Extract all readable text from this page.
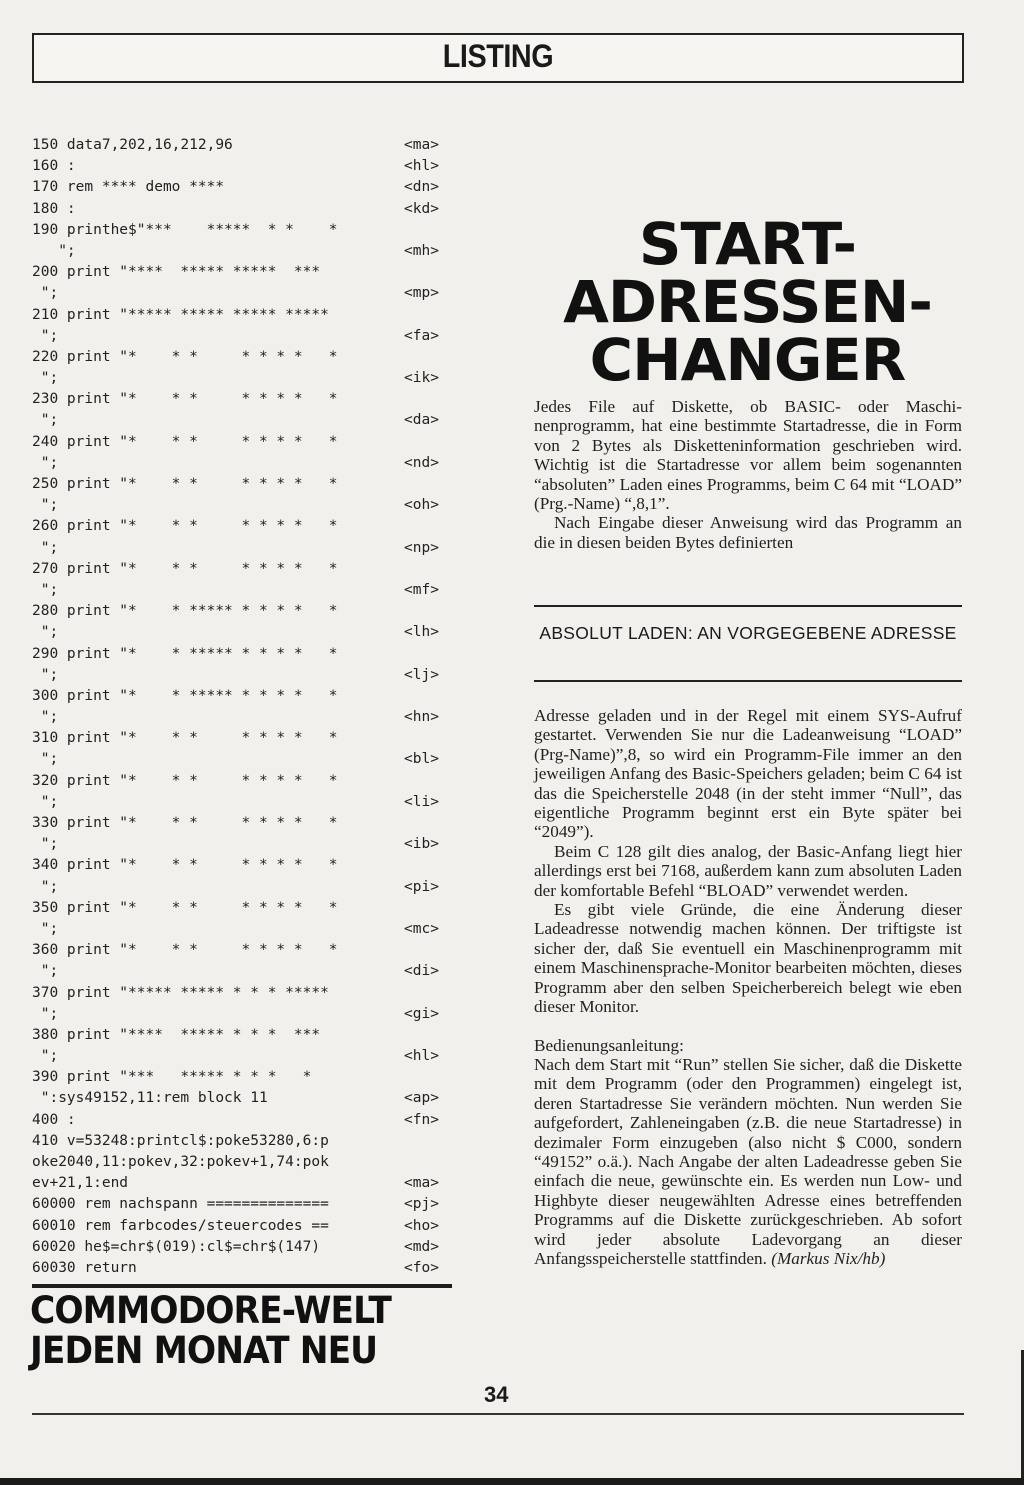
LISTING
150 data7,202,16,212,96	<ma>
160 :	<hl>
170 rem **** demo ****	<dn>
180 :	<kd>
190 printhe$"***    *****  * *    *
";	<mh>
200 print "****  ***** *****  ***
";	<mp>
210 print "***** ***** ***** *****
";	<fa>
220 print "*    * *     * * * *   *
";	<ik>
230 print "*    * *     * * * *   *
";	<da>
240 print "*    * *     * * * *   *
";	<nd>
250 print "*    * *     * * * *   *
";	<oh>
260 print "*    * *     * * * *   *
";	<np>
270 print "*    * *     * * * *   *
";	<mf>
280 print "*    * ***** * * * *   *
";	<lh>
290 print "*    * ***** * * * *   *
";	<lj>
300 print "*    * ***** * * * *   *
";	<hn>
310 print "*    * *     * * * *   *
";	<bl>
320 print "*    * *     * * * *   *
";	<li>
330 print "*    * *     * * * *   *
";	<ib>
340 print "*    * *     * * * *   *
";	<pi>
350 print "*    * *     * * * *   *
";	<mc>
360 print "*    * *     * * * *   *
";	<di>
370 print "***** ***** * * * *****
";	<gi>
380 print "****  ***** * * *  ***
";	<hl>
390 print "***   ***** * * *   *
":sys49152,11:rem block 11	<ap>
400 :	<fn>
410 v=53248:printcl$:poke53280,6:p
oke2040,11:pokev,32:pokev+1,74:pok
ev+21,1:end	<ma>
60000 rem nachspann ==============	<pj>
60010 rem farbcodes/steuercodes ==	<ho>
60020 he$=chr$(019):cl$=chr$(147)	<md>
60030 return	<fo>
COMMODORE-WELT
JEDEN MONAT NEU
START-
ADRESSEN-
CHANGER

Jedes File auf Diskette, ob BASIC- oder Maschinenprogramm, hat eine bestimmte Startadresse, die in Form von 2 Bytes als Disketteninformation geschrieben wird. Wichtig ist die Startadresse vor allem beim sogenannten “absoluten” Laden eines Programms, beim C 64 mit “LOAD” (Prg.-Name) “,8,1”.

Nach Eingabe dieser Anweisung wird das Programm an die in diesen beiden Bytes definierten

ABSOLUT LADEN: AN VORGEGEBENE ADRESSE

Adresse geladen und in der Regel mit einem SYS-Aufruf gestartet. Verwenden Sie nur die Ladeanweisung “LOAD” (Prg-Name)”,8, so wird ein Programm-File immer an den jeweiligen Anfang des Basic-Speichers geladen; beim C 64 ist das die Speicherstelle 2048 (in der steht immer “Null”, das eigentliche Programm beginnt erst ein Byte später bei “2049”).

Beim C 128 gilt dies analog, der Basic-Anfang liegt hier allerdings erst bei 7168, außerdem kann zum absoluten Laden der komfortable Befehl “BLOAD” verwendet werden.

Es gibt viele Gründe, die eine Änderung dieser Ladeadresse notwendig machen können. Der triftigste ist sicher der, daß Sie eventuell ein Maschinenprogramm mit einem Maschinensprache-Monitor bearbeiten möchten, dieses Programm aber den selben Speicherbereich belegt wie eben dieser Monitor.

Bedienungsanleitung:

Nach dem Start mit “Run” stellen Sie sicher, daß die Diskette mit dem Programm (oder den Programmen) eingelegt ist, deren Startadresse Sie verändern möchten. Nun werden Sie aufgefordert, Zahleneingaben (z.B. die neue Startadresse) in dezimaler Form einzugeben (also nicht $ C000, sondern “49152” o.ä.). Nach Angabe der alten Ladeadresse geben Sie einfach die neue, gewünschte ein. Es werden nun Low- und Highbyte dieser neugewählten Adresse eines betreffenden Programms auf die Diskette zurückgeschrieben. Ab sofort wird jeder absolute Ladevorgang an dieser Anfangsspeicherstelle stattfinden. (Markus Nix/hb)

34
